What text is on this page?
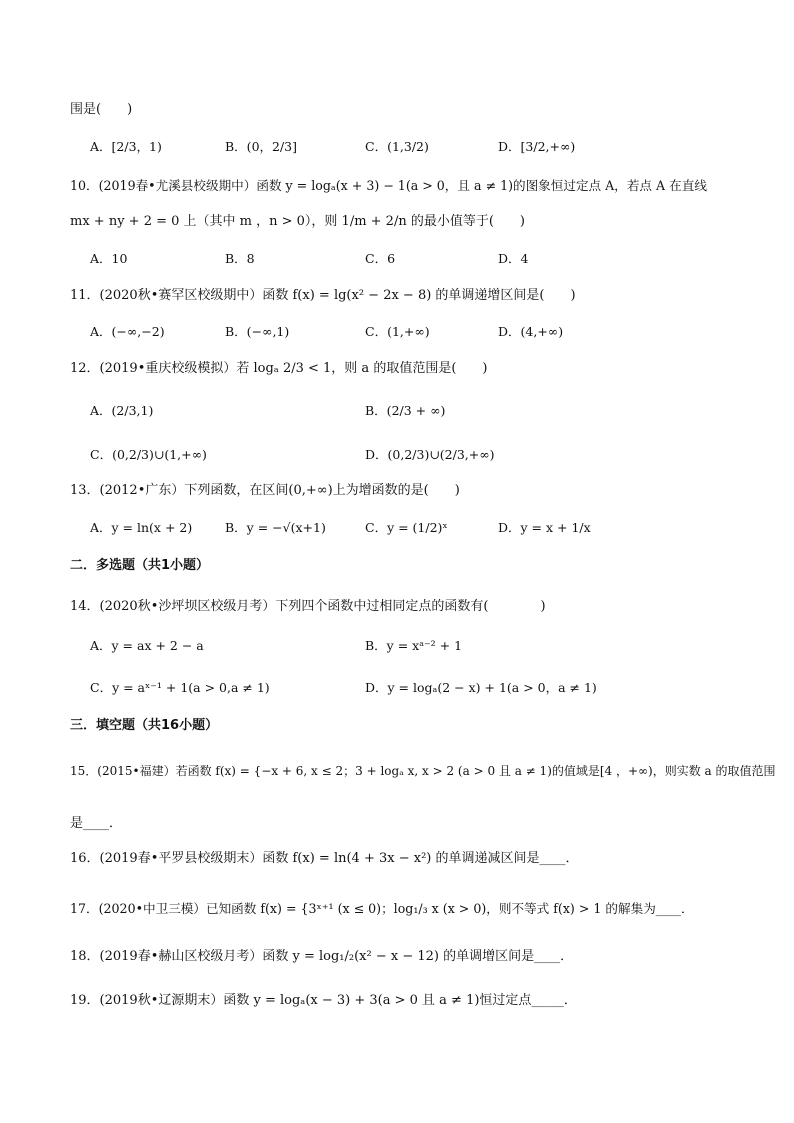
围是(　　)
A．[2/3，1)	B．(0，2/3]	C．(1,3/2)	D．[3/2,+∞)
10．(2019春•尤溪县校级期中）函数 y = logₐ(x + 3) − 1(a > 0，且 a ≠ 1)的图象恒过定点 A，若点 A 在直线
mx + ny + 2 = 0 上（其中 m ，n > 0），则 1/m + 2/n 的最小值等于(　　)
A．10	B．8	C．6	D．4
11．(2020秋•赛罕区校级期中）函数 f(x) = lg(x² − 2x − 8) 的单调递增区间是(　　)
A．(−∞,−2)	B．(−∞,1)	C．(1,+∞)	D．(4,+∞)
12．(2019•重庆校级模拟）若 logₐ 2/3 < 1，则 a 的取值范围是(　　)
A．(2/3,1)	B．(2/3 + ∞)
C．(0,2/3)∪(1,+∞)	D．(0,2/3)∪(2/3,+∞)
13．(2012•广东）下列函数，在区间(0,+∞)上为增函数的是(　　)
A．y = ln(x + 2)	B．y = −√(x+1)	C．y = (1/2)ˣ	D．y = x + 1/x
二．多选题（共1小题）
14．(2020秋•沙坪坝区校级月考）下列四个函数中过相同定点的函数有(　　　　)
A．y = ax + 2 − a	B．y = xᵃ⁻² + 1
C．y = aˣ⁻¹ + 1(a > 0,a ≠ 1)	D．y = logₐ(2 − x) + 1(a > 0，a ≠ 1)
三．填空题（共16小题）
15．(2015•福建）若函数 f(x) = {−x + 6, x ≤ 2；3 + logₐ x, x > 2 (a > 0 且 a ≠ 1)的值域是[4 ，+∞)，则实数 a 的取值范围
是____．
16．(2019春•平罗县校级期末）函数 f(x) = ln(4 + 3x − x²) 的单调递减区间是____．
17．(2020•中卫三模）已知函数 f(x) = {3ˣ⁺¹ (x ≤ 0)；log₁/₃ x (x > 0)，则不等式 f(x) > 1 的解集为____．
18．(2019春•赫山区校级月考）函数 y = log₁/₂(x² − x − 12) 的单调增区间是____．
19．(2019秋•辽源期末）函数 y = logₐ(x − 3) + 3(a > 0 且 a ≠ 1)恒过定点_____．
